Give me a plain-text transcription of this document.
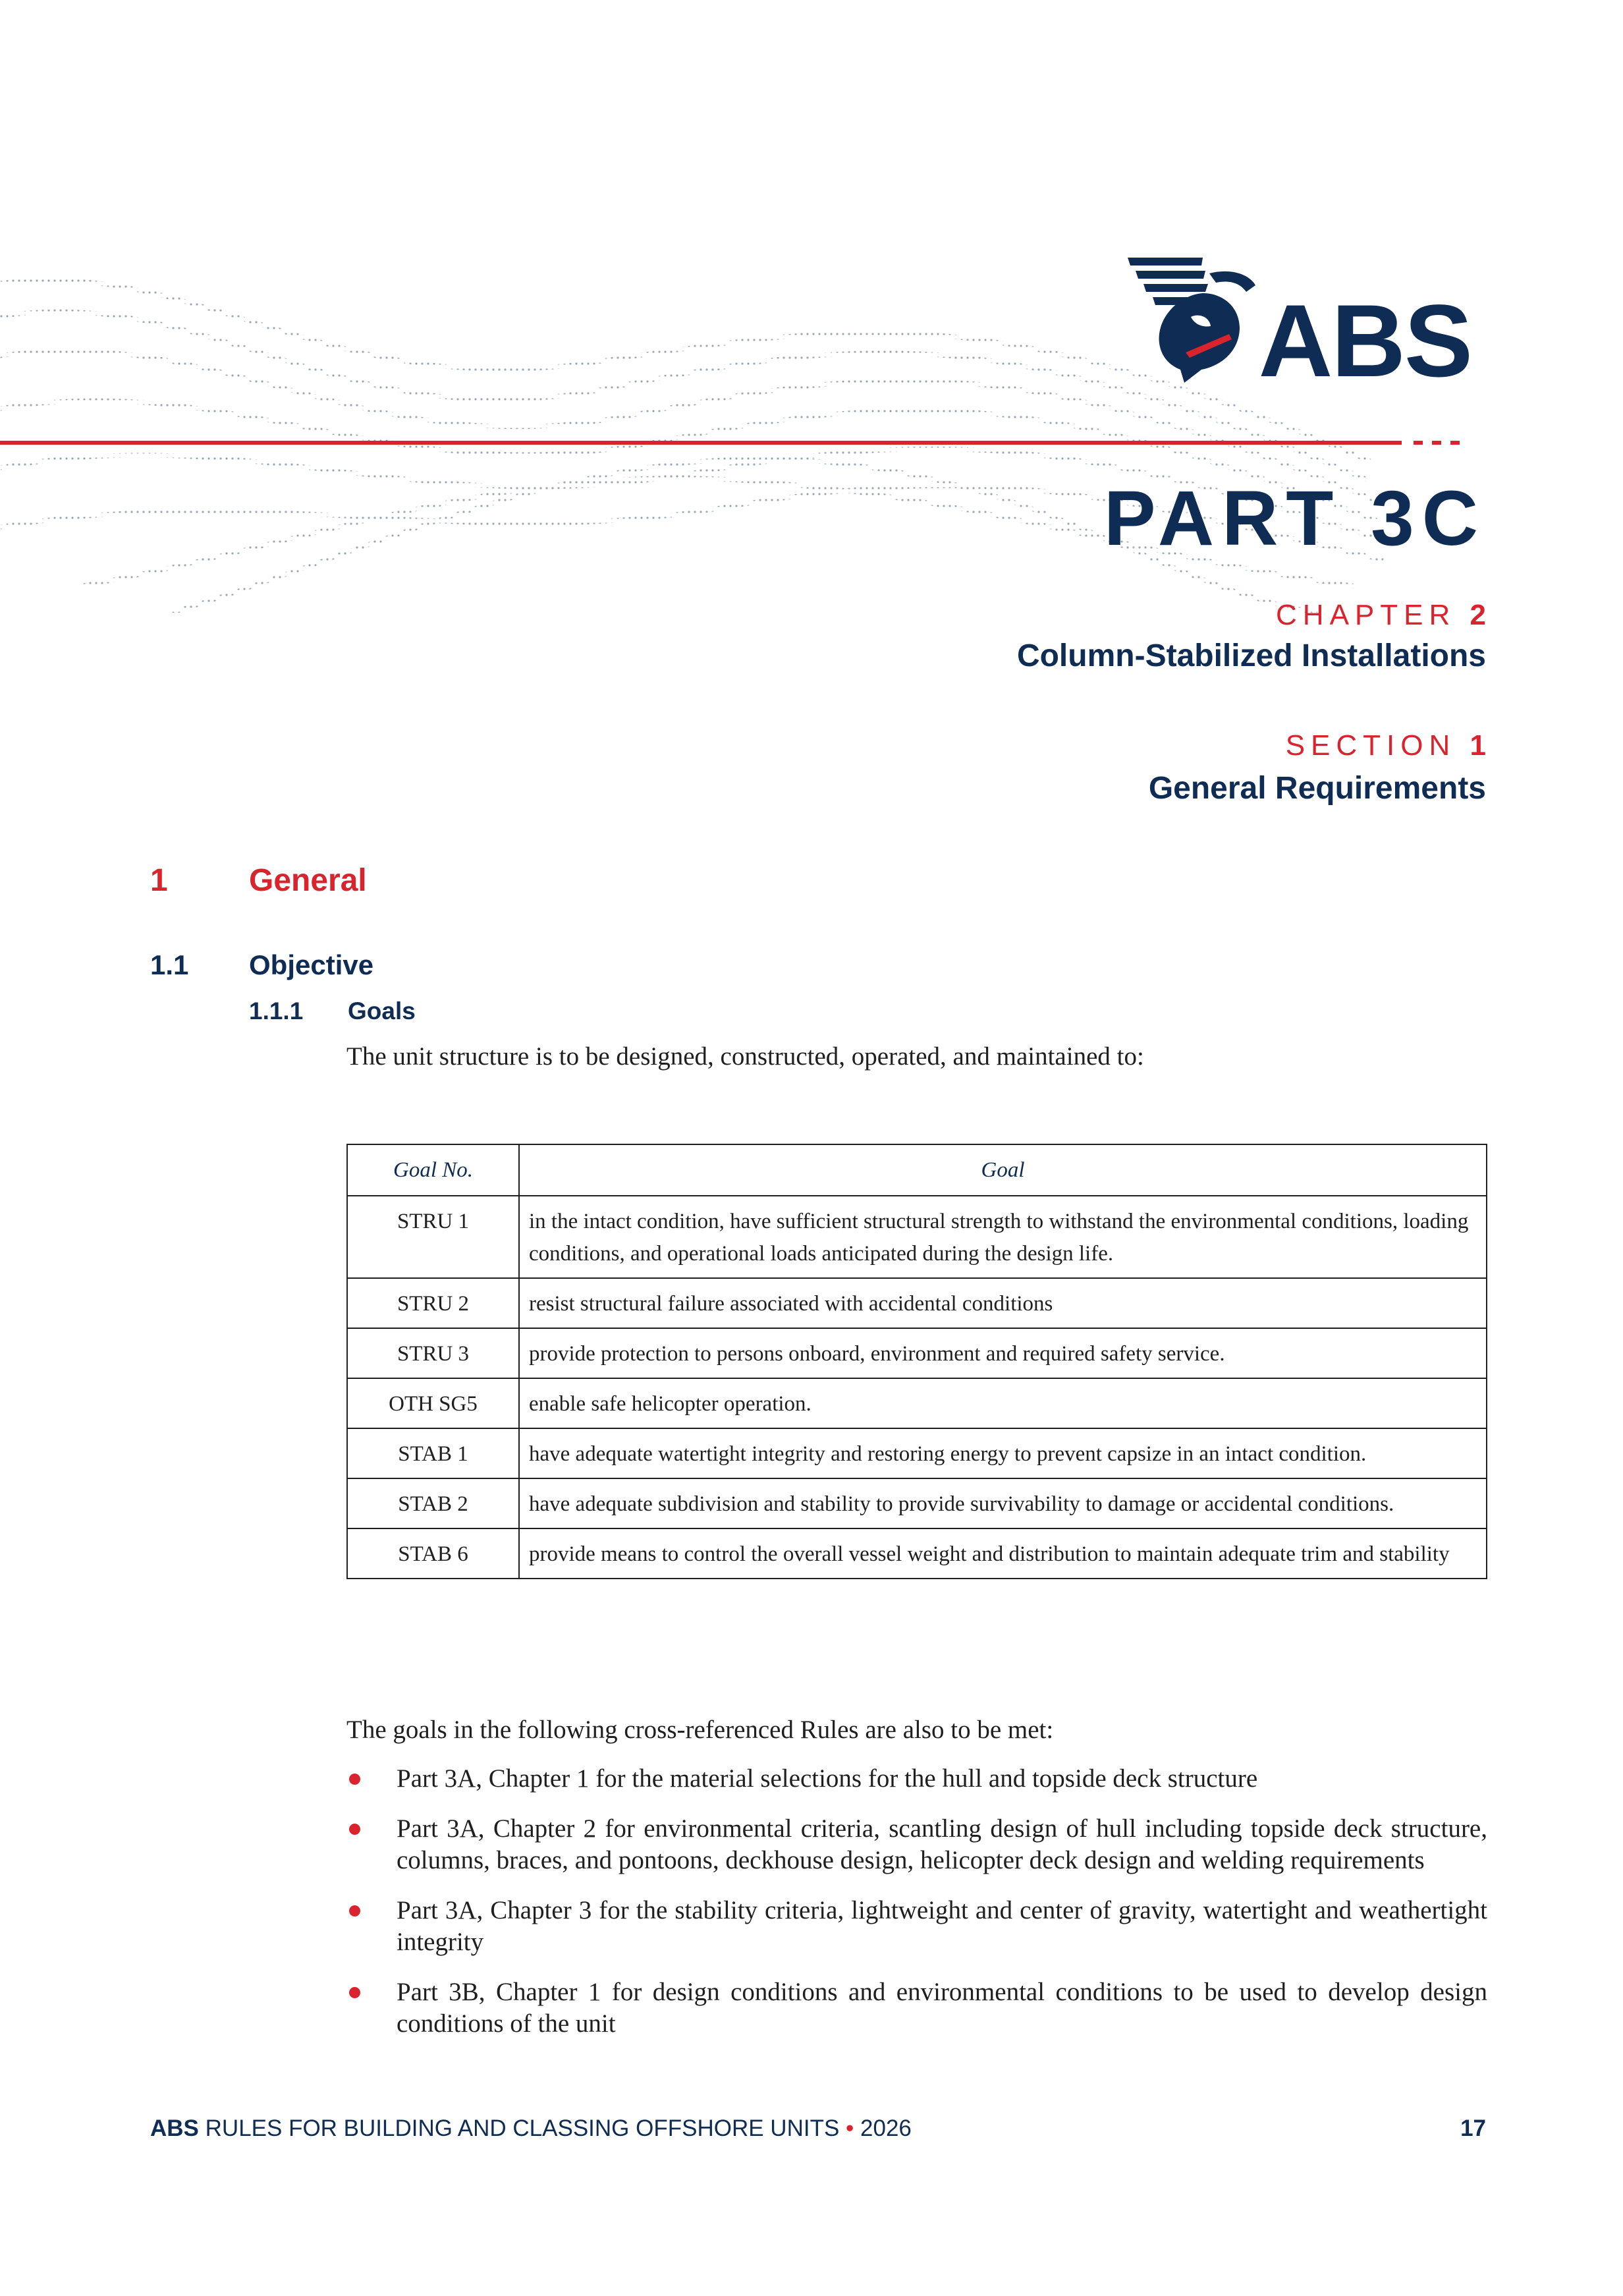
ABS

PART 3C

CHAPTER 2

Column-Stabilized Installations

SECTION 1

General Requirements
1	General
1.1 Objective
1.1.1 Goals

The unit structure is to be designed, constructed, operated, and maintained to:

Goal No.	Goal
STRU 1	in the intact condition, have sufficient structural strength to withstand the environmental conditions, loading conditions, and operational loads anticipated during the design life.
STRU 2	resist structural failure associated with accidental conditions
STRU 3	provide protection to persons onboard, environment and required safety service.
OTH SG5	enable safe helicopter operation.
STAB 1	have adequate watertight integrity and restoring energy to prevent capsize in an intact condition.
STAB 2	have adequate subdivision and stability to provide survivability to damage or accidental conditions.
STAB 6	provide means to control the overall vessel weight and distribution to maintain adequate trim and stability

The goals in the following cross-referenced Rules are also to be met:

Part 3A, Chapter 1 for the material selections for the hull and topside deck structure
Part 3A, Chapter 2 for environmental criteria, scantling design of hull including topside deck structure, columns, braces, and pontoons, deckhouse design, helicopter deck design and welding requirements
Part 3A, Chapter 3 for the stability criteria, lightweight and center of gravity, watertight and weathertight integrity
Part 3B, Chapter 1 for design conditions and environmental conditions to be used to develop design conditions of the unit

ABS RULES FOR BUILDING AND CLASSING OFFSHORE UNITS • 2026	17
